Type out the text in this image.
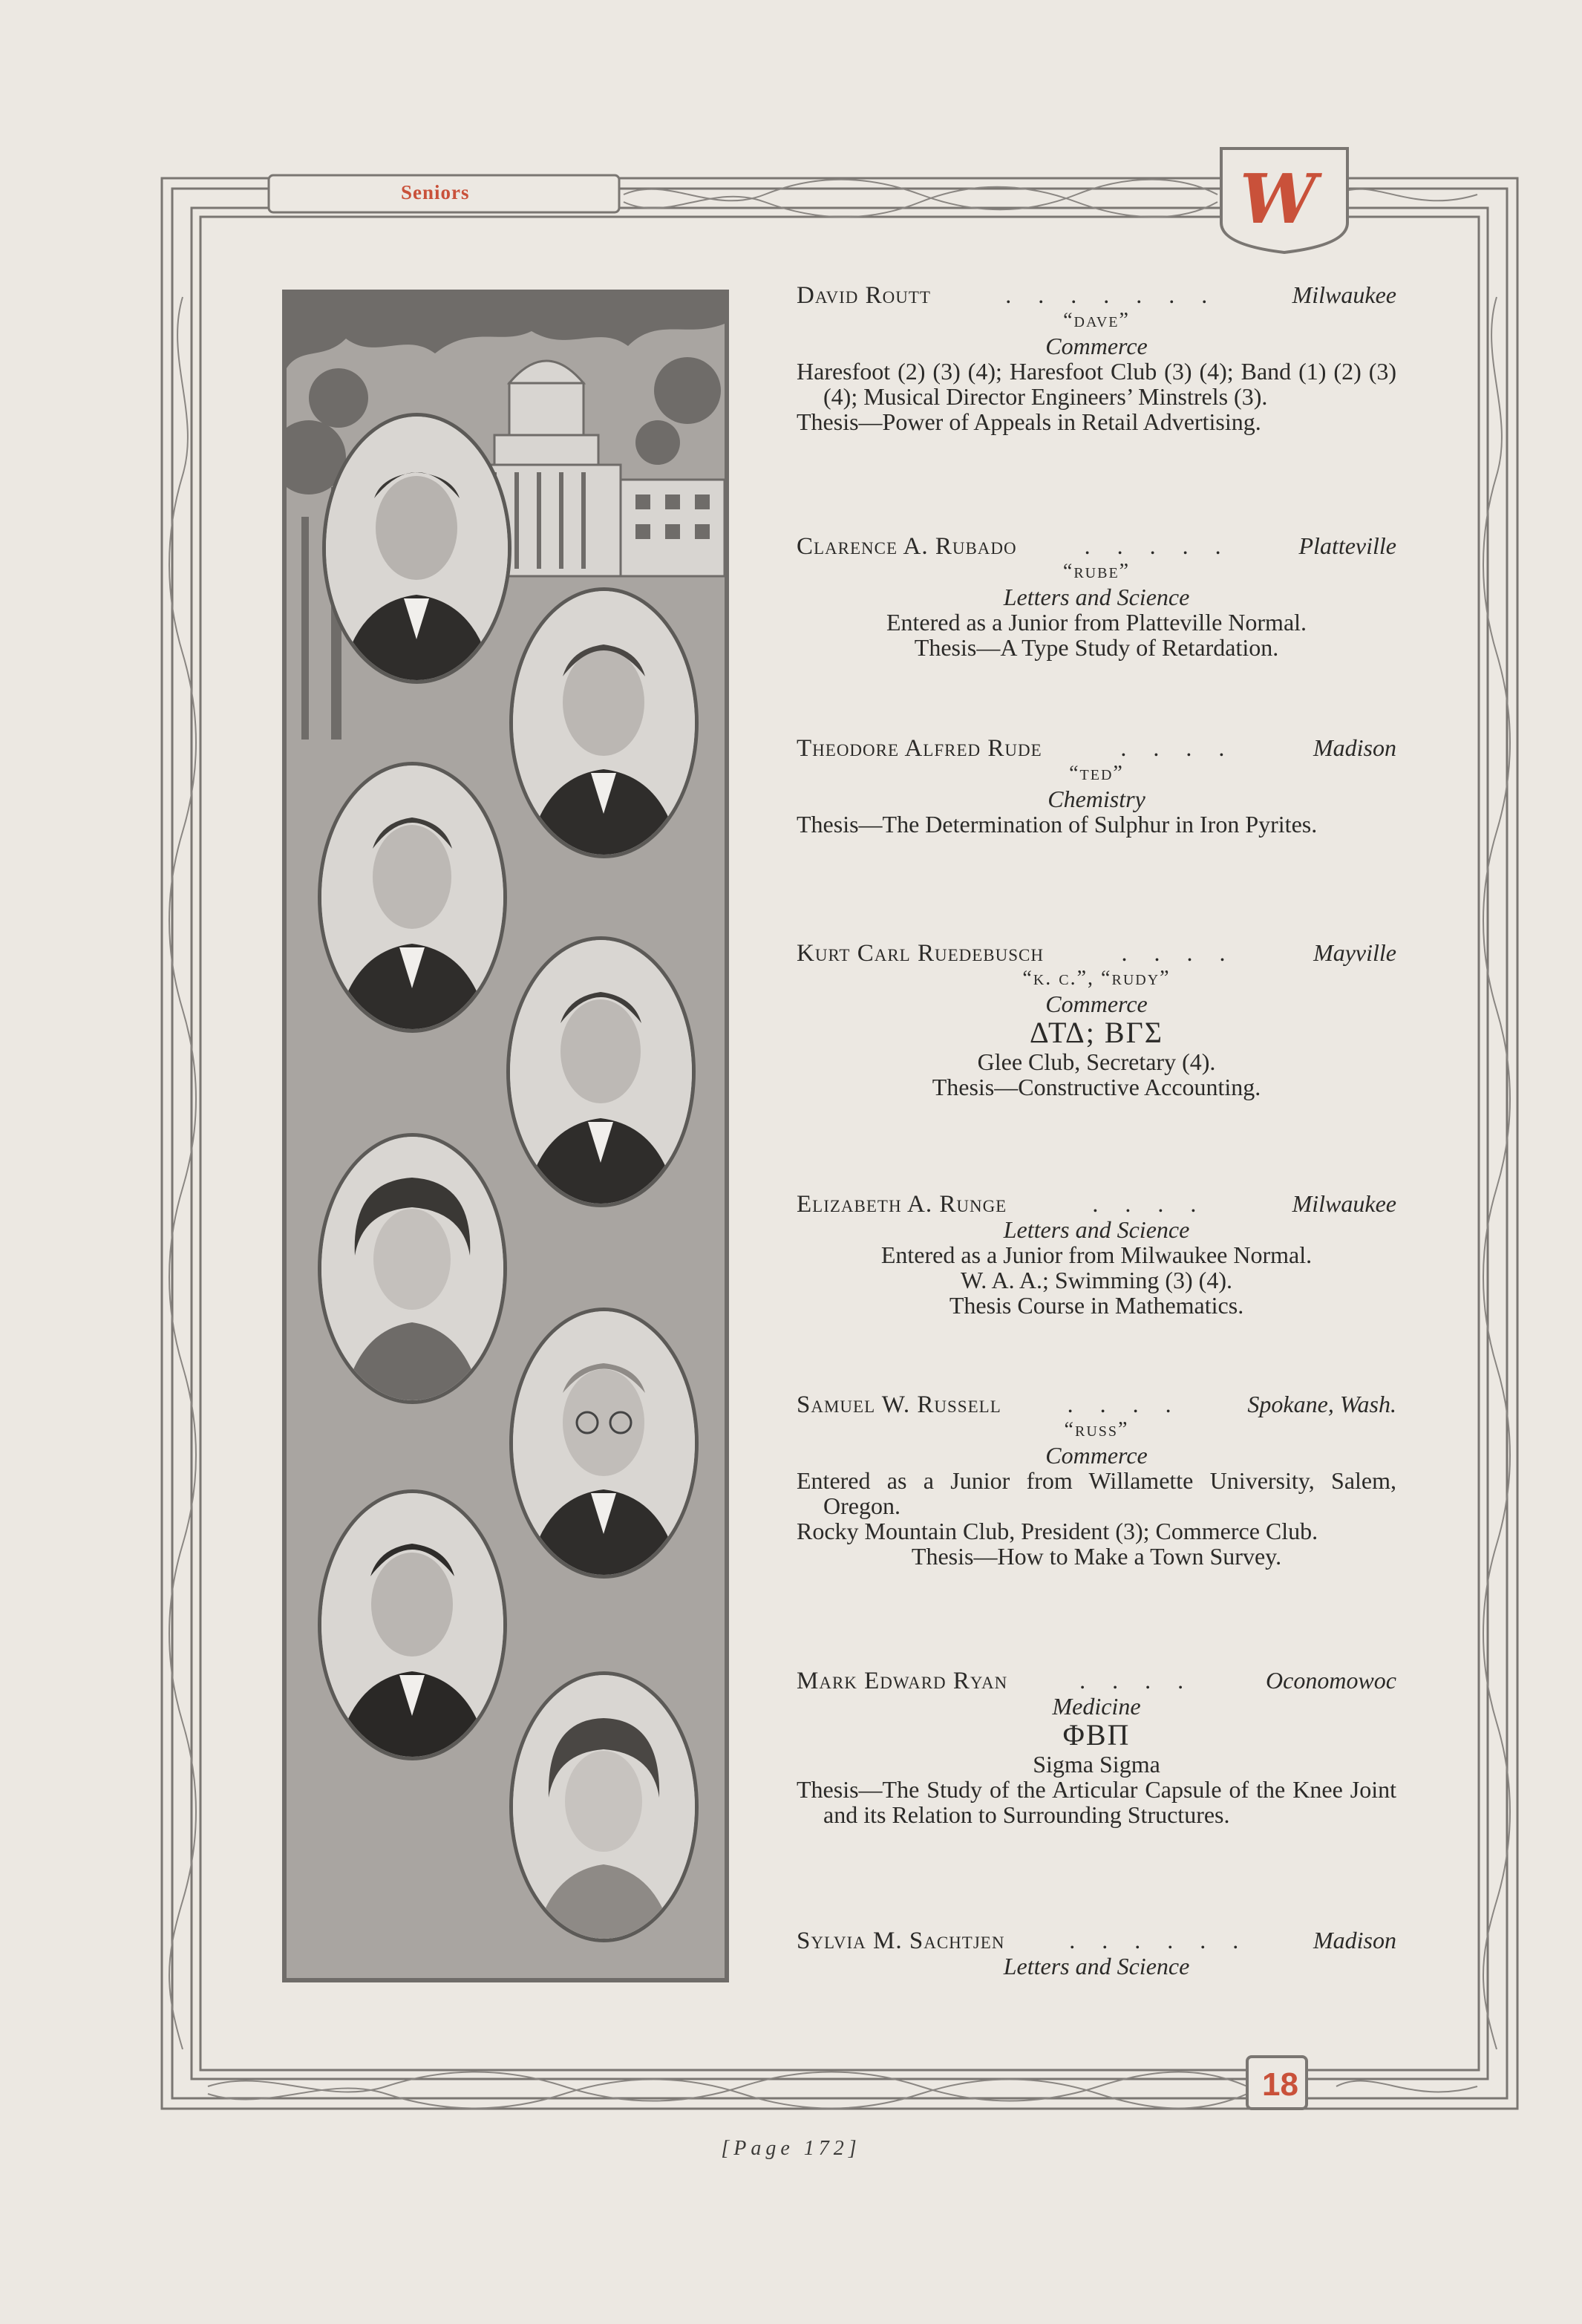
Seniors	W
18
David Routt	. . . . . . .	Milwaukee
“dave”
Commerce
Haresfoot (2) (3) (4); Haresfoot Club (3) (4); Band (1) (2) (3) (4); Musical Director Engineers’ Minstrels (3).
Thesis—Power of Appeals in Retail Advertising.
Clarence A. Rubado	. . . . .	Platteville
“rube”
Letters and Science
Entered as a Junior from Platteville Normal.
Thesis—A Type Study of Retardation.
Theodore Alfred Rude	. . . .	Madison
“ted”
Chemistry
Thesis—The Determination of Sulphur in Iron Pyrites.
Kurt Carl Ruedebusch	. . . .	Mayville
“k. c.”, “rudy”
Commerce
ΔΤΔ; ΒΓΣ
Glee Club, Secretary (4).
Thesis—Constructive Accounting.
Elizabeth A. Runge	. . . .	Milwaukee
Letters and Science
Entered as a Junior from Milwaukee Normal.
W. A. A.; Swimming (3) (4).
Thesis Course in Mathematics.
Samuel W. Russell	. . . .	Spokane, Wash.
“russ”
Commerce
Entered as a Junior from Willamette University, Salem, Oregon.
Rocky Mountain Club, President (3); Commerce Club.
Thesis—How to Make a Town Survey.
Mark Edward Ryan	. . . .	Oconomowoc
Medicine
ΦΒΠ
Sigma Sigma
Thesis—The Study of the Articular Capsule of the Knee Joint and its Relation to Surrounding Structures.
Sylvia M. Sachtjen	. . . . . .	Madison
Letters and Science
[Page 172]
